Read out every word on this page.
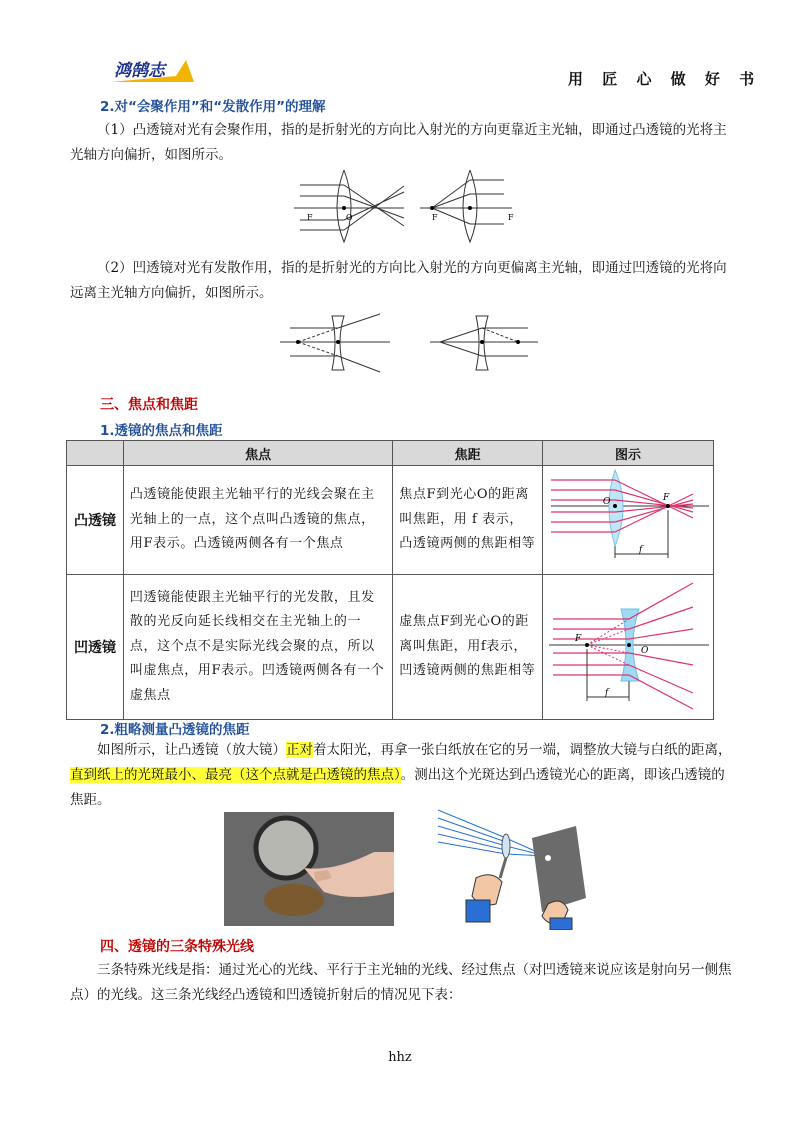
鸿鹄志	用 匠 心 做 好 书
2.对“会聚作用”和“发散作用”的理解

（1）凸透镜对光有会聚作用，指的是折射光的方向比入射光的方向更靠近主光轴，即通过凸透镜的光将主光轴方向偏折，如图所示。

F	O	F	F

（2）凹透镜对光有发散作用，指的是折射光的方向比入射光的方向更偏离主光轴，即通过凹透镜的光将向远离主光轴方向偏折，如图所示。

三、焦点和焦距
1.透镜的焦点和焦距
	焦点	焦距	图示
凸透镜	凸透镜能使跟主光轴平行的光线会聚在主光轴上的一点，这个点叫凸透镜的焦点，用F表示。凸透镜两侧各有一个焦点	焦点F到光心O的距离叫焦距，用 f 表示，凸透镜两侧的焦距相等	O F
f

凹透镜	凹透镜能使跟主光轴平行的光发散，且发散的光反向延长线相交在主光轴上的一点，这个点不是实际光线会聚的点，所以叫虚焦点，用F表示。凹透镜两侧各有一个虚焦点	虚焦点F到光心O的距离叫焦距，用f表示，凹透镜两侧的焦距相等	F
O
f
2.粗略测量凸透镜的焦距

如图所示，让凸透镜（放大镜）正对着太阳光，再拿一张白纸放在它的另一端，调整放大镜与白纸的距离，直到纸上的光斑最小、最亮（这个点就是凸透镜的焦点）。测出这个光斑达到凸透镜光心的距离，即该凸透镜的焦距。

四、透镜的三条特殊光线

三条特殊光线是指：通过光心的光线、平行于主光轴的光线、经过焦点（对凹透镜来说应该是射向另一侧焦点）的光线。这三条光线经凸透镜和凹透镜折射后的情况见下表：

hhz
